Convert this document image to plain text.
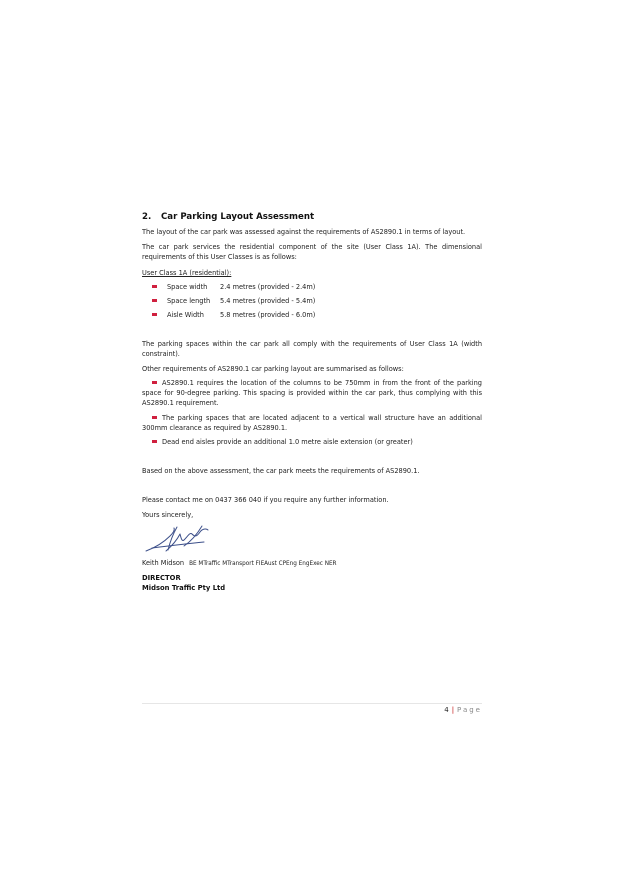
2. Car Parking Layout Assessment

The layout of the car park was assessed against the requirements of AS2890.1 in terms of layout.

The car park services the residential component of the site (User Class 1A). The dimensional requirements of this User Classes is as follows:

User Class 1A (residential):

Space width 2.4 metres (provided - 2.4m)
Space length 5.4 metres (provided - 5.4m)
Aisle Width 5.8 metres (provided - 6.0m)

The parking spaces within the car park all comply with the requirements of User Class 1A (width constraint).

Other requirements of AS2890.1 car parking layout are summarised as follows:

AS2890.1 requires the location of the columns to be 750mm in from the front of the parking space for 90-degree parking. This spacing is provided within the car park, thus complying with this AS2890.1 requirement.
The parking spaces that are located adjacent to a vertical wall structure have an additional 300mm clearance as required by AS2890.1.
Dead end aisles provide an additional 1.0 metre aisle extension (or greater)

Based on the above assessment, the car park meets the requirements of AS2890.1.

Please contact me on 0437 366 040 if you require any further information.

Yours sincerely,

Keith Midson BE MTraffic MTransport FIEAust CPEng EngExec NER
DIRECTOR
Midson Traffic Pty Ltd
4 | Page
